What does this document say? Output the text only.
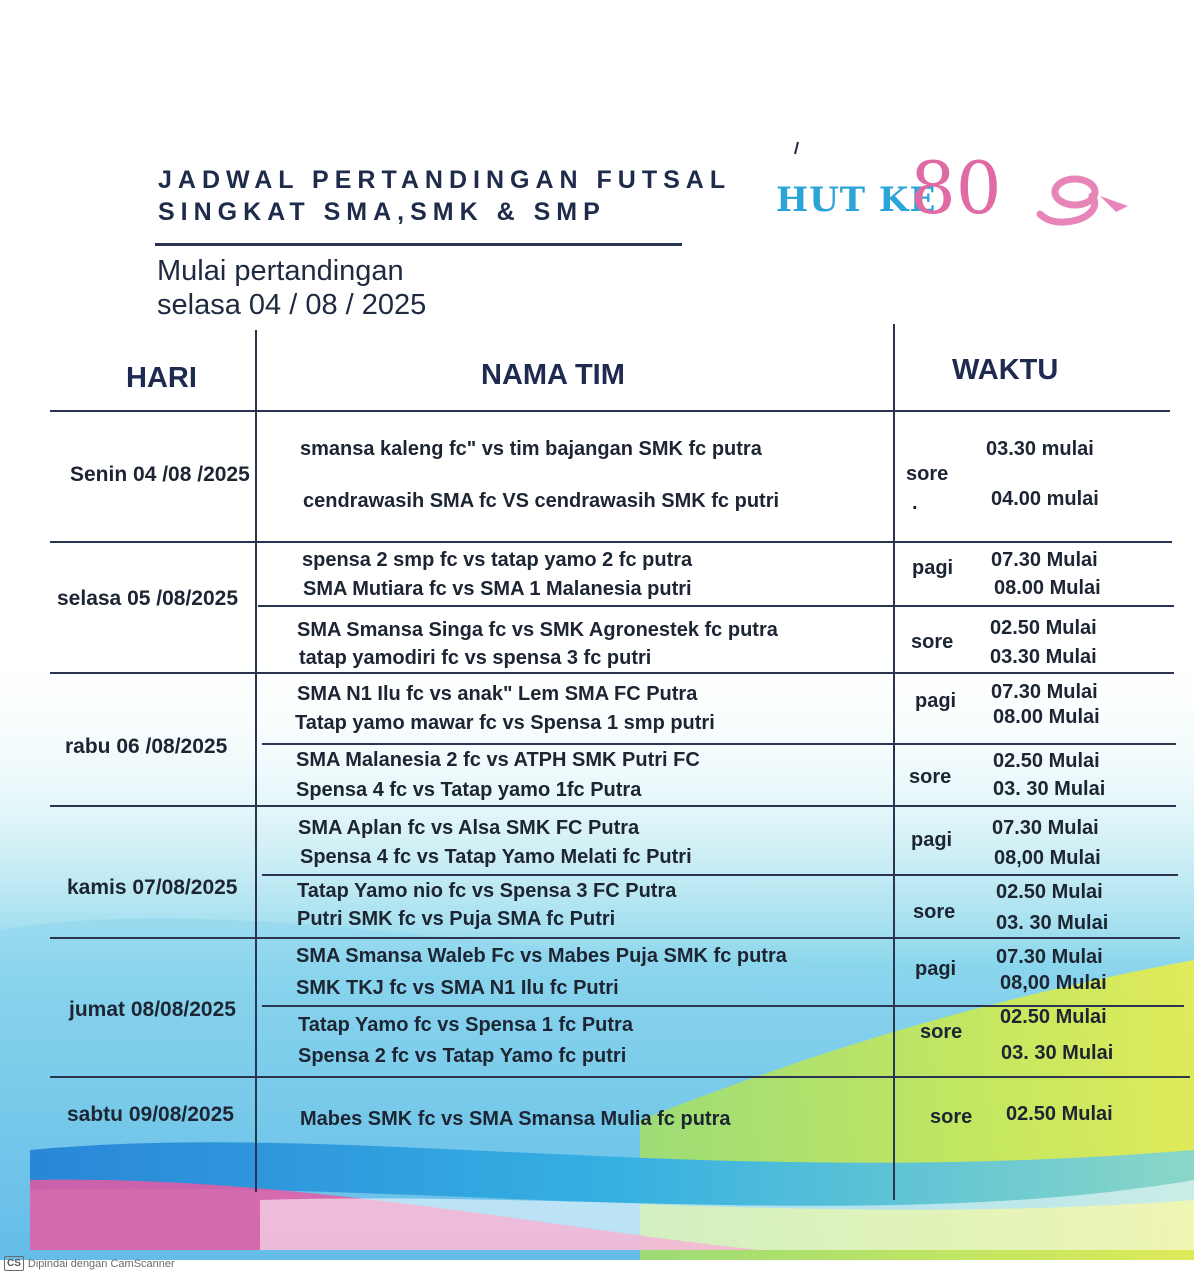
JADWAL PERTANDINGAN FUTSAL
SINGKAT SMA,SMK & SMP
Mulai pertandingan
selasa 04 / 08 / 2025
HUT KE
80
HARI	NAMA TIM	WAKTU
Senin 04 /08 /2025
selasa 05 /08/2025
rabu 06 /08/2025
kamis 07/08/2025
jumat 08/08/2025
sabtu 09/08/2025
smansa kaleng fc" vs tim bajangan SMK fc putra
cendrawasih SMA fc VS cendrawasih SMK fc putri
spensa 2 smp fc vs tatap yamo 2 fc putra
SMA Mutiara fc vs SMA 1 Malanesia putri
SMA Smansa Singa fc vs SMK Agronestek fc putra
tatap yamodiri fc vs spensa 3 fc putri
SMA N1 Ilu fc vs anak" Lem SMA FC Putra
Tatap yamo mawar fc vs Spensa 1 smp putri
SMA Malanesia 2 fc vs ATPH SMK Putri FC
Spensa 4 fc vs Tatap yamo 1fc Putra
SMA Aplan fc vs Alsa SMK FC Putra
Spensa 4 fc vs Tatap Yamo Melati fc Putri
Tatap Yamo nio fc vs Spensa 3 FC Putra
Putri SMK fc vs Puja SMA fc Putri
SMA Smansa Waleb Fc vs Mabes Puja SMK fc putra
SMK TKJ fc vs SMA N1 Ilu fc Putri
Tatap Yamo fc vs Spensa 1 fc Putra
Spensa 2 fc vs Tatap Yamo fc putri
Mabes SMK fc vs SMA Smansa Mulia fc putra
sore
.
pagi
sore
pagi
sore
pagi
sore
pagi
sore
sore
03.30 mulai
04.00 mulai
07.30 Mulai
08.00 Mulai
02.50 Mulai
03.30 Mulai
07.30 Mulai
08.00 Mulai
02.50 Mulai
03. 30 Mulai
07.30 Mulai
08,00 Mulai
02.50 Mulai
03. 30 Mulai
07.30 Mulai
08,00 Mulai
02.50 Mulai
03. 30 Mulai
02.50 Mulai
CS Dipindai dengan CamScanner
